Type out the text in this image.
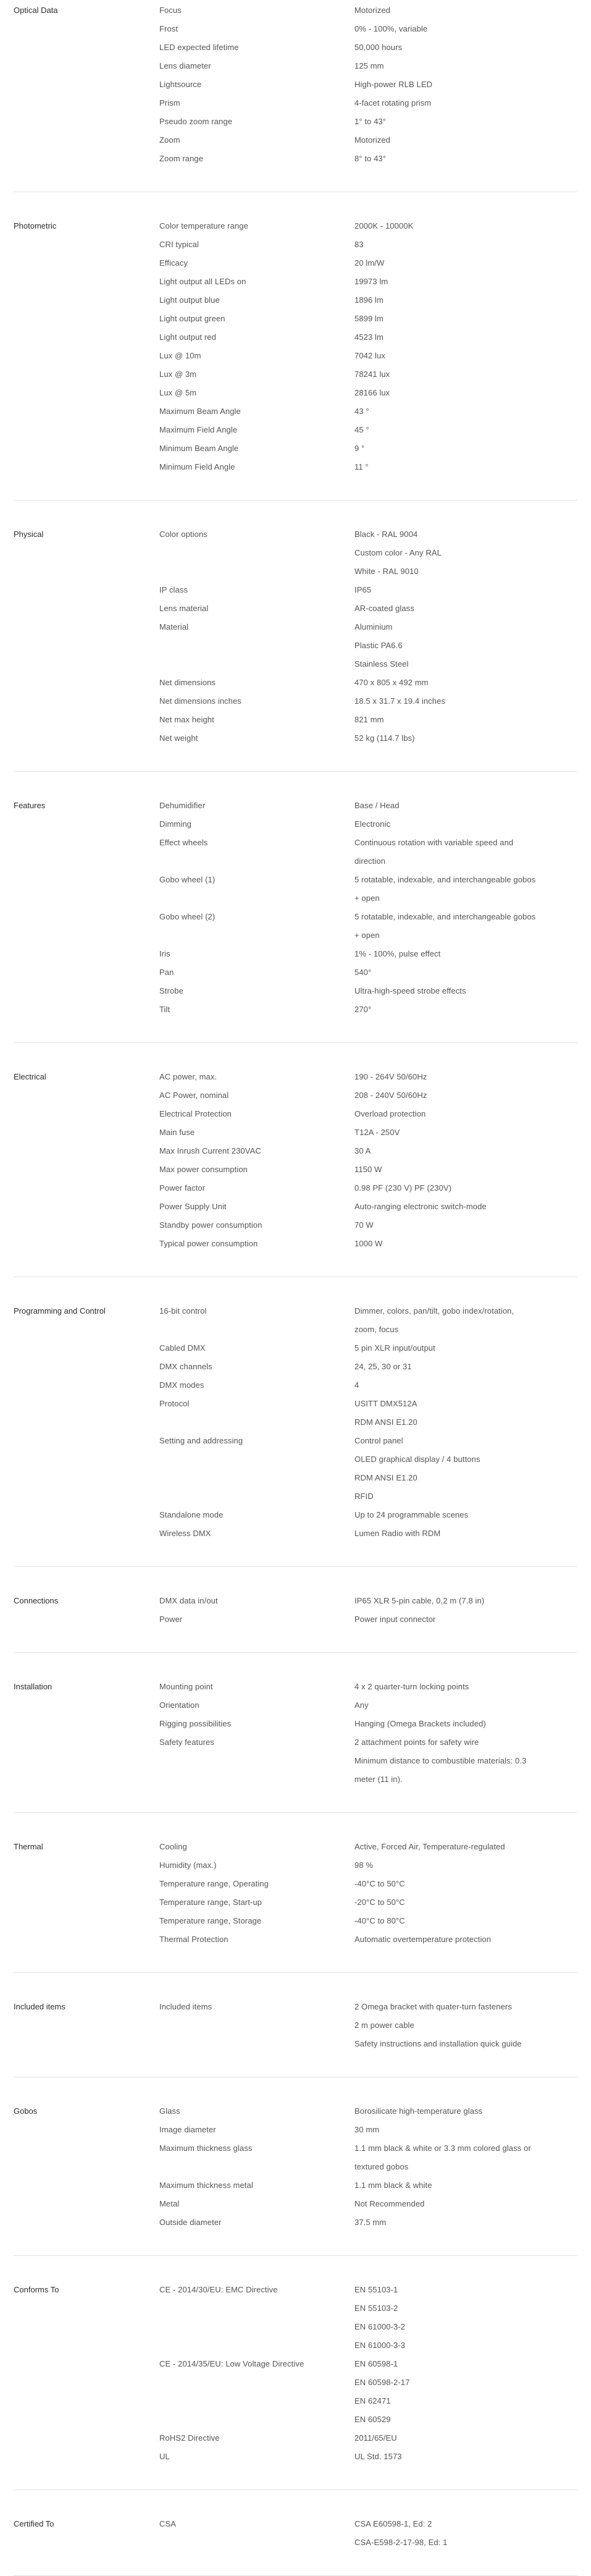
Optical Data	Focus	Motorized
Frost	0% - 100%, variable
LED expected lifetime	50,000 hours
Lens diameter	125 mm
Lightsource	High-power RLB LED
Prism	4-facet rotating prism
Pseudo zoom range	1° to 43°
Zoom	Motorized
Zoom range	8° to 43°
Photometric	Color temperature range	2000K - 10000K
CRI typical	83
Efficacy	20 lm/W
Light output all LEDs on	19973 lm
Light output blue	1896 lm
Light output green	5899 lm
Light output red	4523 lm
Lux @ 10m	7042 lux
Lux @ 3m	78241 lux
Lux @ 5m	28166 lux
Maximum Beam Angle	43 °
Maximum Field Angle	45 °
Minimum Beam Angle	9 °
Minimum Field Angle	11 °
Physical	Color options	Black - RAL 9004
Custom color - Any RAL
White - RAL 9010
IP class	IP65
Lens material	AR-coated glass
Material	Aluminium
Plastic PA6.6
Stainless Steel
Net dimensions	470 x 805 x 492 mm
Net dimensions inches	18.5 x 31.7 x 19.4 inches
Net max height	821 mm
Net weight	52 kg (114.7 lbs)
Features	Dehumidifier	Base / Head
Dimming	Electronic
Effect wheels	Continuous rotation with variable speed and
direction
Gobo wheel (1)	5 rotatable, indexable, and interchangeable gobos
+ open
Gobo wheel (2)	5 rotatable, indexable, and interchangeable gobos
+ open
Iris	1% - 100%, pulse effect
Pan	540°
Strobe	Ultra-high-speed strobe effects
Tilt	270°
Electrical	AC power, max.	190 - 264V 50/60Hz
AC Power, nominal	208 - 240V 50/60Hz
Electrical Protection	Overload protection
Main fuse	T12A - 250V
Max Inrush Current 230VAC	30 A
Max power consumption	1150 W
Power factor	0.98 PF (230 V) PF (230V)
Power Supply Unit	Auto-ranging electronic switch-mode
Standby power consumption	70 W
Typical power consumption	1000 W
Programming and Control	16-bit control	Dimmer, colors, pan/tilt, gobo index/rotation,
zoom, focus
Cabled DMX	5 pin XLR input/output
DMX channels	24, 25, 30 or 31
DMX modes	4
Protocol	USITT DMX512A
RDM ANSI E1.20
Setting and addressing	Control panel
OLED graphical display / 4 buttons
RDM ANSI E1.20
RFID
Standalone mode	Up to 24 programmable scenes
Wireless DMX	Lumen Radio with RDM
Connections	DMX data in/out	IP65 XLR 5-pin cable, 0,2 m (7.8 in)
Power	Power input connector
Installation	Mounting point	4 x 2 quarter-turn locking points
Orientation	Any
Rigging possibilities	Hanging (Omega Brackets included)
Safety features	2 attachment points for safety wire
Minimum distance to combustible materials: 0.3
meter (11 in).
Thermal	Cooling	Active, Forced Air, Temperature-regulated
Humidity (max.)	98 %
Temperature range, Operating	-40°C to 50°C
Temperature range, Start-up	-20°C to 50°C
Temperature range, Storage	-40°C to 80°C
Thermal Protection	Automatic overtemperature protection
Included items	Included items	2 Omega bracket with quater-turn fasteners
2 m power cable
Safety instructions and installation quick guide
Gobos	Glass	Borosilicate high-temperature glass
Image diameter	30 mm
Maximum thickness glass	1.1 mm black & white or 3.3 mm colored glass or
textured gobos
Maximum thickness metal	1.1 mm black & white
Metal	Not Recommended
Outside diameter	37.5 mm
Conforms To	CE - 2014/30/EU: EMC Directive	EN 55103-1
EN 55103-2
EN 61000-3-2
EN 61000-3-3
CE - 2014/35/EU: Low Voltage Directive	EN 60598-1
EN 60598-2-17
EN 62471
EN 60529
RoHS2 Directive	2011/65/EU
UL	UL Std. 1573
Certified To	CSA	CSA E60598-1, Ed: 2
CSA-E598-2-17-98, Ed: 1
